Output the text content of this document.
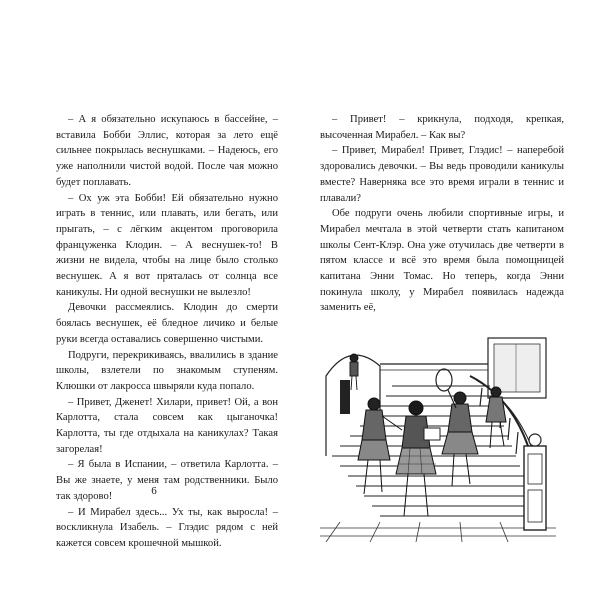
– А я обязательно искупаюсь в бассейне, – вставила Бобби Эллис, которая за лето ещё сильнее покрылась веснушками. – Надеюсь, его уже наполнили чистой водой. После чая можно будет поплавать.

– Ох уж эта Бобби! Ей обязательно нужно играть в теннис, или плавать, или бегать, или прыгать, – с лёгким акцентом проговорила француженка Клодин. – А веснушек-то! В жизни не видела, чтобы на лице было столько веснушек. А я вот пряталась от солнца все каникулы. Ни одной веснушки не вылезло!

Девочки рассмеялись. Клодин до смерти боялась веснушек, её бледное личико и белые руки всегда оставались совершенно чистыми.

Подруги, перекрикиваясь, ввалились в здание школы, взлетели по знакомым ступеням. Клюшки от лакросса швыряли куда попало.

– Привет, Дженет! Хилари, привет! Ой, а вон Карлотта, стала совсем как цыганочка! Карлотта, ты где отдыхала на каникулах? Такая загорелая!

– Я была в Испании, – ответила Карлотта. – Вы же знаете, у меня там родственники. Было так здорово!

– И Мирабел здесь... Ух ты, как выросла! – воскликнула Изабель. – Глэдис рядом с ней кажется совсем крошечной мышкой.

6

– Привет! – крикнула, подходя, крепкая, высоченная Мирабел. – Как вы?

– Привет, Мирабел! Привет, Глэдис! – наперебой здоровались девочки. – Вы ведь проводили каникулы вместе? Наверняка все это время играли в теннис и плавали?

Обе подруги очень любили спортивные игры, и Мирабел мечтала в этой четверти стать капитаном школы Сент-Клэр. Она уже отучилась две четверти в пятом классе и всё это время была помощницей капитана Энни Томас. Но теперь, когда Энни покинула школу, у Мирабел появилась надежда заменить её,
